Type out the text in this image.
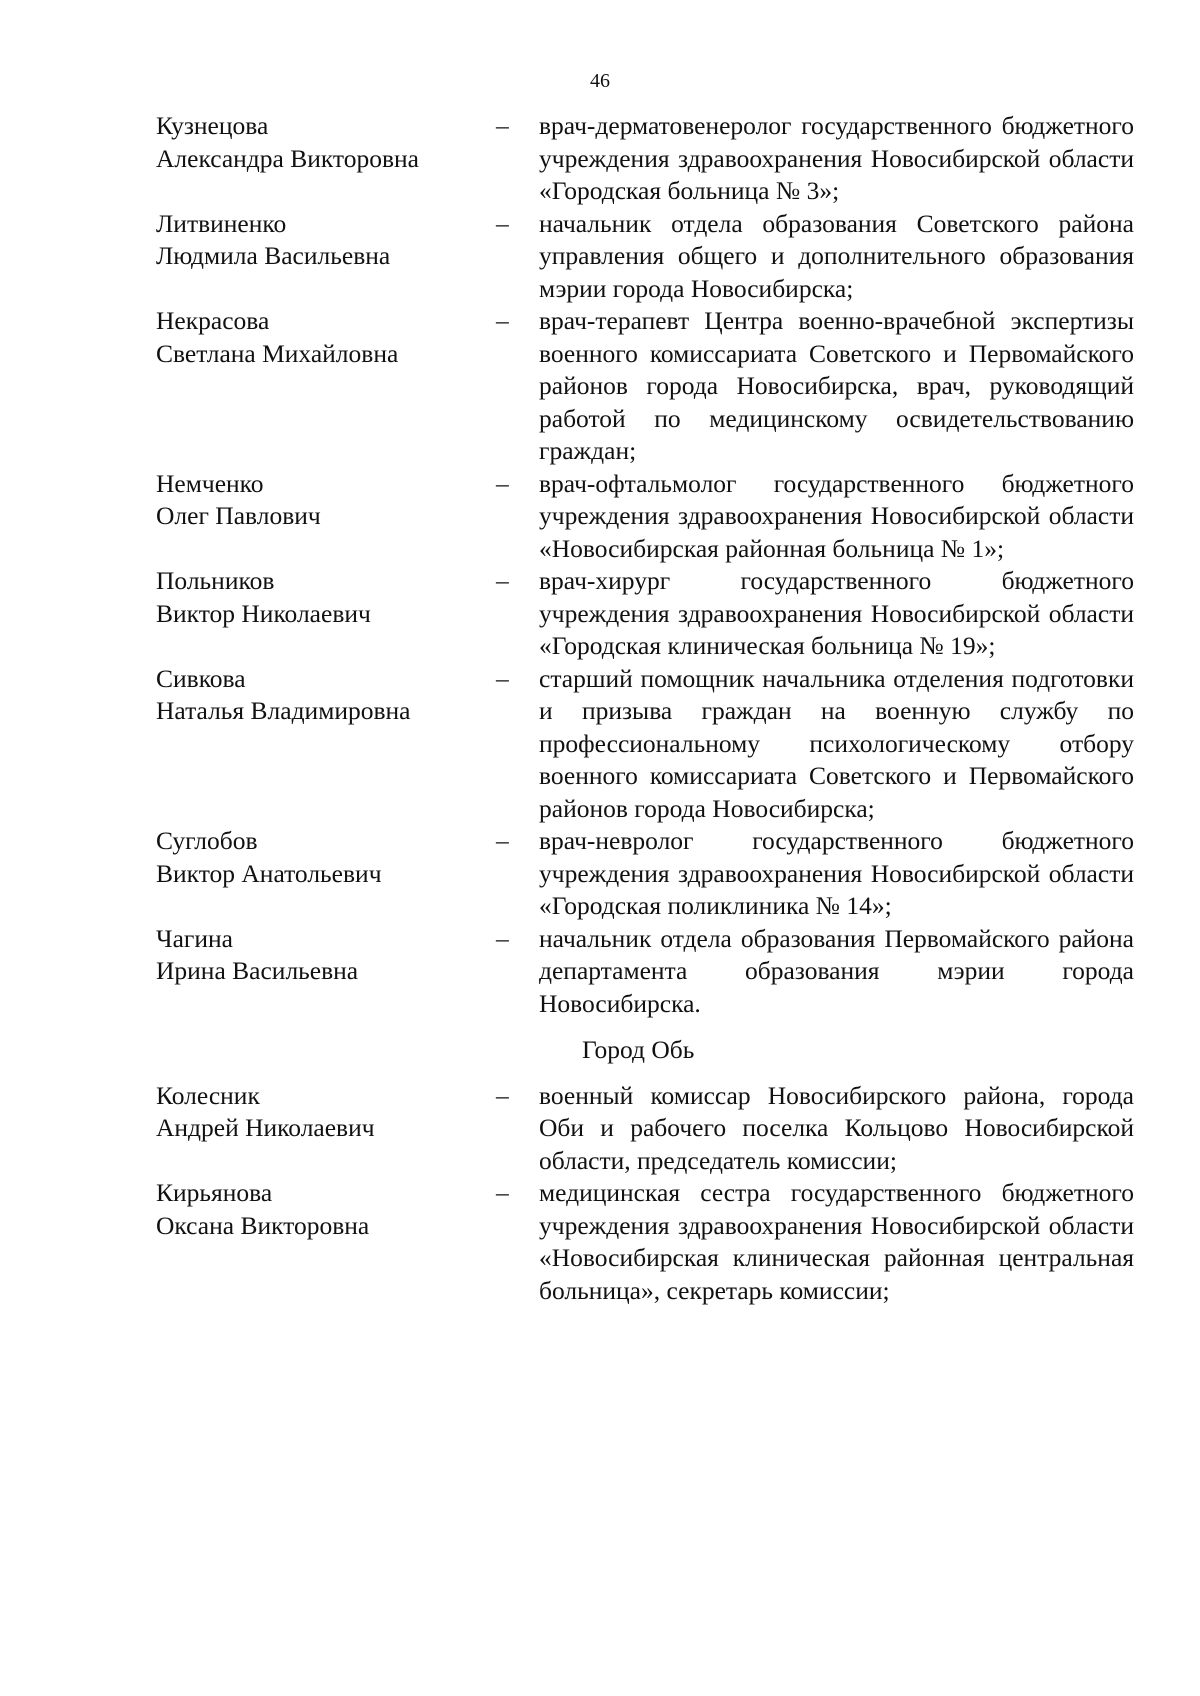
46
Кузнецова
Александра Викторовна
–	врач-дерматовенеролог государственного бюджетного учреждения здравоохранения Новосибирской области «Городская больница № 3»;
Литвиненко
Людмила Васильевна
–	начальник отдела образования Советского района управления общего и дополнительного образования мэрии города Новосибирска;
Некрасова
Светлана Михайловна
–	врач-терапевт Центра военно-врачебной экспертизы военного комиссариата Советского и Первомайского районов города Новосибирска, врач, руководящий работой по медицинскому освидетельствованию граждан;
Немченко
Олег Павлович
–	врач-офтальмолог государственного бюджетного учреждения здравоохранения Новосибирской области «Новосибирская районная больница № 1»;
Польников
Виктор Николаевич
–	врач-хирург государственного бюджетного учреждения здравоохранения Новосибирской области «Городская клиническая больница № 19»;
Сивкова
Наталья Владимировна
–	старший помощник начальника отделения подготовки и призыва граждан на военную службу по профессиональному психологическому отбору военного комиссариата Советского и Первомайского районов города Новосибирска;
Суглобов
Виктор Анатольевич
–	врач-невролог государственного бюджетного учреждения здравоохранения Новосибирской области «Городская поликлиника № 14»;
Чагина
Ирина Васильевна
–	начальник отдела образования Первомайского района департамента образования мэрии города Новосибирска.
Город Обь
Колесник
Андрей Николаевич
–	военный комиссар Новосибирского района, города Оби и рабочего поселка Кольцово Новосибирской области, председатель комиссии;
Кирьянова
Оксана Викторовна
–	медицинская сестра государственного бюджетного учреждения здравоохранения Новосибирской области «Новосибирская клиническая районная центральная больница», секретарь комиссии;
